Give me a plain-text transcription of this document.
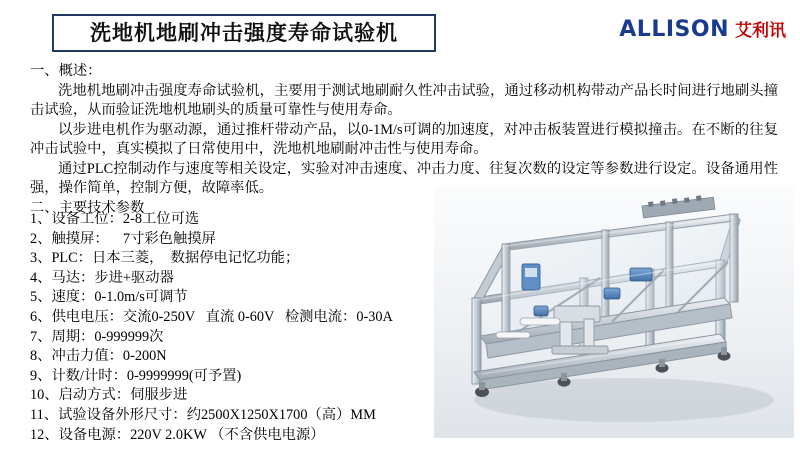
洗地机地刷冲击强度寿命试验机	ALLISON 艾利讯
一、概述：

洗地机地刷冲击强度寿命试验机，主要用于测试地刷耐久性冲击试验，通过移动机构带动产品长时间进行地刷头撞击试验，从而验证洗地机地刷头的质量可靠性与使用寿命。

以步进电机作为驱动源，通过推杆带动产品，以0-1M/s可调的加速度，对冲击板装置进行模拟撞击。在不断的往复冲击试验中，真实模拟了日常使用中，洗地机地刷耐冲击性与使用寿命。

通过PLC控制动作与速度等相关设定，实验对冲击速度、冲击力度、往复次数的设定等参数进行设定。设备通用性强，操作简单，控制方便，故障率低。

二、主要技术参数
1、设备工位：2-8工位可选
2、触摸屏：    7寸彩色触摸屏
3、PLC：日本三菱，  数据停电记忆功能；
4、马达：步进+驱动器
5、速度：0-1.0m/s可调节
6、供电电压：交流0-250V   直流 0-60V   检测电流：0-30A
7、周期：0-999999次
8、冲击力值：0-200N
9、计数/计时：0-9999999(可予置)
10、启动方式：伺服步进
11、试验设备外形尺寸：约2500X1250X1700（高）MM
12、设备电源：220V 2.0KW （不含供电电源）
